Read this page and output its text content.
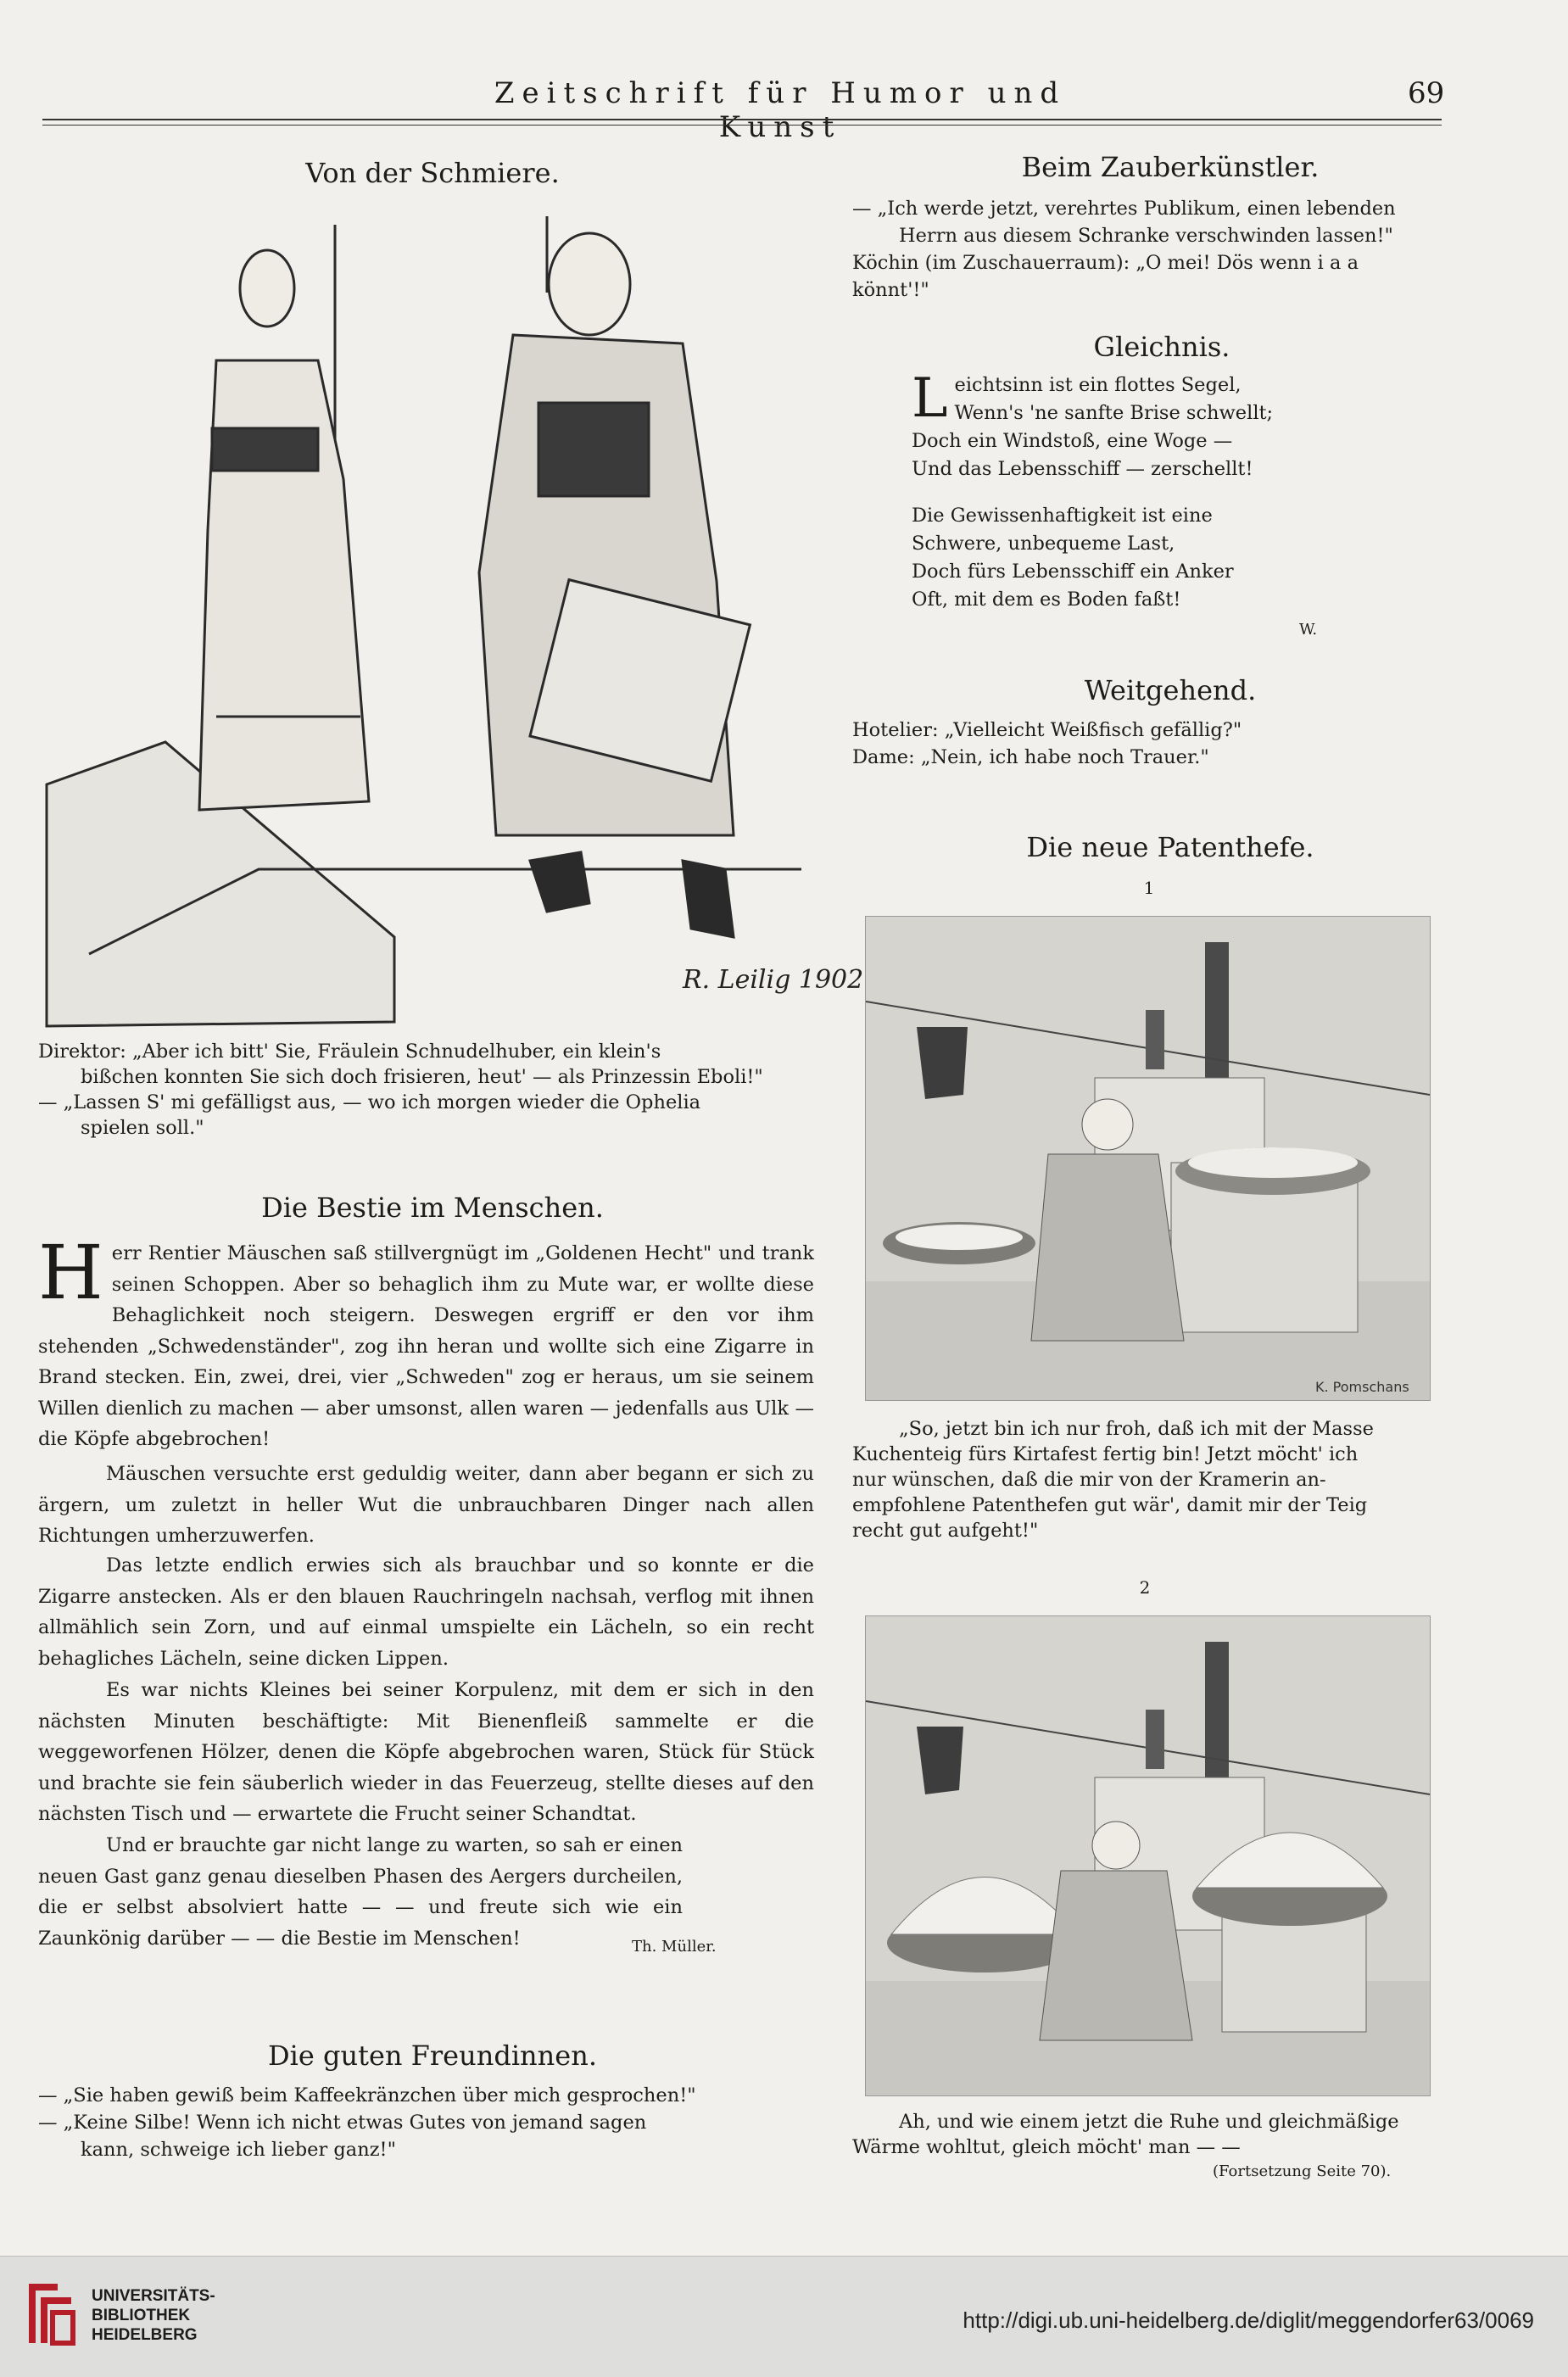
Zeitschrift für Humor und Kunst
69
Von der Schmiere.
R. Leilig 1902
Direktor: „Aber ich bitt' Sie, Fräulein Schnudelhuber, ein klein's
bißchen konnten Sie sich doch frisieren, heut' — als Prinzessin Eboli!"
— „Lassen S' mi gefälligst aus, — wo ich morgen wieder die Ophelia
spielen soll."
Die Bestie im Menschen.
H err Rentier Mäuschen saß stillvergnügt im „Goldenen Hecht" und trank seinen Schoppen. Aber so behaglich ihm zu Mute war, er wollte diese Behaglichkeit noch steigern. Deswegen ergriff er den vor ihm stehenden „Schwedenständer", zog ihn heran und wollte sich eine Zigarre in Brand stecken. Ein, zwei, drei, vier „Schweden" zog er heraus, um sie seinem Willen dienlich zu machen — aber umsonst, allen waren — jedenfalls aus Ulk — die Köpfe abgebrochen!
Mäuschen versuchte erst geduldig weiter, dann aber begann er sich zu ärgern, um zuletzt in heller Wut die unbrauchbaren Dinger nach allen Richtungen umherzuwerfen.
Das letzte endlich erwies sich als brauchbar und so konnte er die Zigarre anstecken. Als er den blauen Rauchringeln nachsah, verflog mit ihnen allmählich sein Zorn, und auf einmal umspielte ein Lächeln, so ein recht behagliches Lächeln, seine dicken Lippen.
Es war nichts Kleines bei seiner Korpulenz, mit dem er sich in den nächsten Minuten beschäftigte: Mit Bienenfleiß sammelte er die weggeworfenen Hölzer, denen die Köpfe abgebrochen waren, Stück für Stück und brachte sie fein säuberlich wieder in das Feuerzeug, stellte dieses auf den nächsten Tisch und — erwartete die Frucht seiner Schandtat.
Und er brauchte gar nicht lange zu warten, so sah er einen neuen Gast ganz genau dieselben Phasen des Aergers durcheilen, die er selbst absolviert hatte — — und freute sich wie ein Zaunkönig darüber — — die Bestie im Menschen!	Th. Müller.
Die guten Freundinnen.
— „Sie haben gewiß beim Kaffeekränzchen über mich gesprochen!"
— „Keine Silbe! Wenn ich nicht etwas Gutes von jemand sagen
kann, schweige ich lieber ganz!"
Beim Zauberkünstler.
— „Ich werde jetzt, verehrtes Publikum, einen lebenden
Herrn aus diesem Schranke verschwinden lassen!"
Köchin (im Zuschauerraum): „O mei! Dös wenn i a a
könnt'!"
Gleichnis.
L eichtsinn ist ein flottes Segel,
Wenn's 'ne sanfte Brise schwellt;
Doch ein Windstoß, eine Woge —
Und das Lebensschiff — zerschellt!
Die Gewissenhaftigkeit ist eine
Schwere, unbequeme Last,
Doch fürs Lebensschiff ein Anker
Oft, mit dem es Boden faßt!
W.
Weitgehend.
Hotelier: „Vielleicht Weißfisch gefällig?"
Dame: „Nein, ich habe noch Trauer."
Die neue Patenthefe.
1
K. Pomschans
„So, jetzt bin ich nur froh, daß ich mit der Masse
Kuchenteig fürs Kirtafest fertig bin! Jetzt möcht' ich
nur wünschen, daß die mir von der Kramerin an-
empfohlene Patenthefen gut wär', damit mir der Teig
recht gut aufgeht!"
2
Ah, und wie einem jetzt die Ruhe und gleichmäßige
Wärme wohltut, gleich möcht' man — —
(Fortsetzung Seite 70).
UNIVERSITÄTS-
BIBLIOTHEK
HEIDELBERG
http://digi.ub.uni-heidelberg.de/diglit/meggendorfer63/0069
